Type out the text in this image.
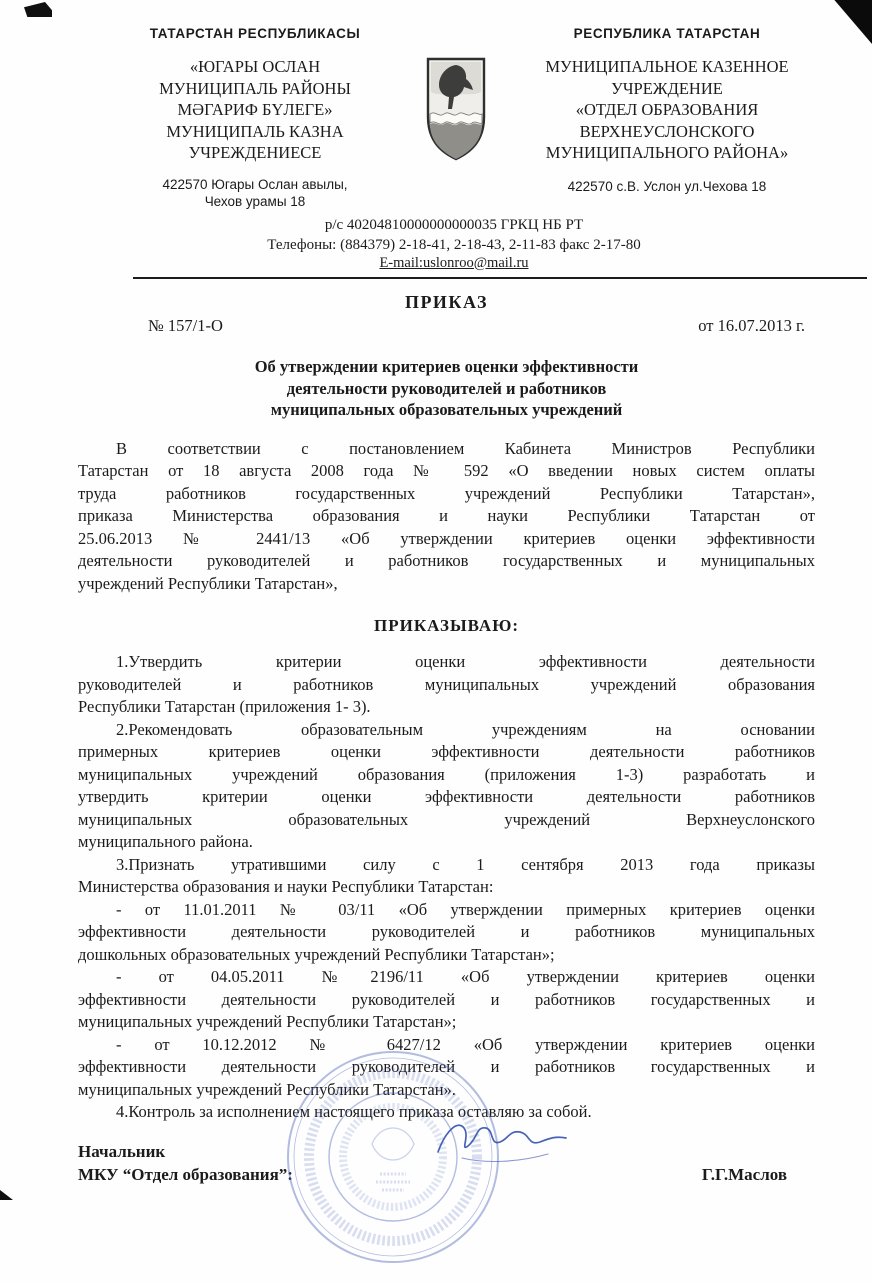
ТАТАРСТАН РЕСПУБЛИКАСЫ
«ЮГАРЫ ОСЛАН
МУНИЦИПАЛЬ РАЙОНЫ
МӘГАРИФ БҮЛЕГЕ»
МУНИЦИПАЛЬ КАЗНА
УЧРЕЖДЕНИЕСЕ
РЕСПУБЛИКА ТАТАРСТАН
МУНИЦИПАЛЬНОЕ КАЗЕННОЕ
УЧРЕЖДЕНИЕ
«ОТДЕЛ ОБРАЗОВАНИЯ
ВЕРХНЕУСЛОНСКОГО
МУНИЦИПАЛЬНОГО РАЙОНА»
422570 Югары Ослан авылы,
Чехов урамы 18
422570 с.В. Услон ул.Чехова 18
р/с 40204810000000000035 ГРКЦ НБ РТ
Телефоны: (884379) 2-18-41, 2-18-43, 2-11-83 факс 2-17-80
E-mail:uslonroo@mail.ru
ПРИКАЗ
№ 157/1-О	от 16.07.2013 г.
Об утверждении критериев оценки эффективности
деятельности руководителей и работников
муниципальных образовательных учреждений
В соответствии с постановлением Кабинета Министров Республики
Татарстан от 18 августа 2008 года № 592 «О введении новых систем оплаты
труда работников государственных учреждений Республики Татарстан»,
приказа Министерства образования и науки Республики Татарстан от
25.06.2013 № 2441/13 «Об утверждении критериев оценки эффективности
деятельности руководителей и работников государственных и муниципальных
учреждений Республики Татарстан»,
ПРИКАЗЫВАЮ:
1.Утвердить критерии оценки эффективности деятельности
руководителей и работников муниципальных учреждений образования
Республики Татарстан (приложения 1- 3).
2.Рекомендовать образовательным учреждениям на основании
примерных критериев оценки эффективности деятельности работников
муниципальных учреждений образования (приложения 1-3) разработать и
утвердить критерии оценки эффективности деятельности работников
муниципальных образовательных учреждений Верхнеуслонского
муниципального района.
3.Признать утратившими силу с 1 сентября 2013 года приказы
Министерства образования и науки Республики Татарстан:
- от 11.01.2011 № 03/11 «Об утверждении примерных критериев оценки
эффективности деятельности руководителей и работников муниципальных
дошкольных образовательных учреждений Республики Татарстан»;
- от 04.05.2011 №2196/11 «Об утверждении критериев оценки
эффективности деятельности руководителей и работников государственных и
муниципальных учреждений Республики Татарстан»;
- от 10.12.2012 № 6427/12 «Об утверждении критериев оценки
эффективности деятельности руководителей и работников государственных и
муниципальных учреждений Республики Татарстан».
4.Контроль за исполнением настоящего приказа оставляю за собой.
Начальник
МКУ “Отдел образования”:	Г.Г.Маслов
